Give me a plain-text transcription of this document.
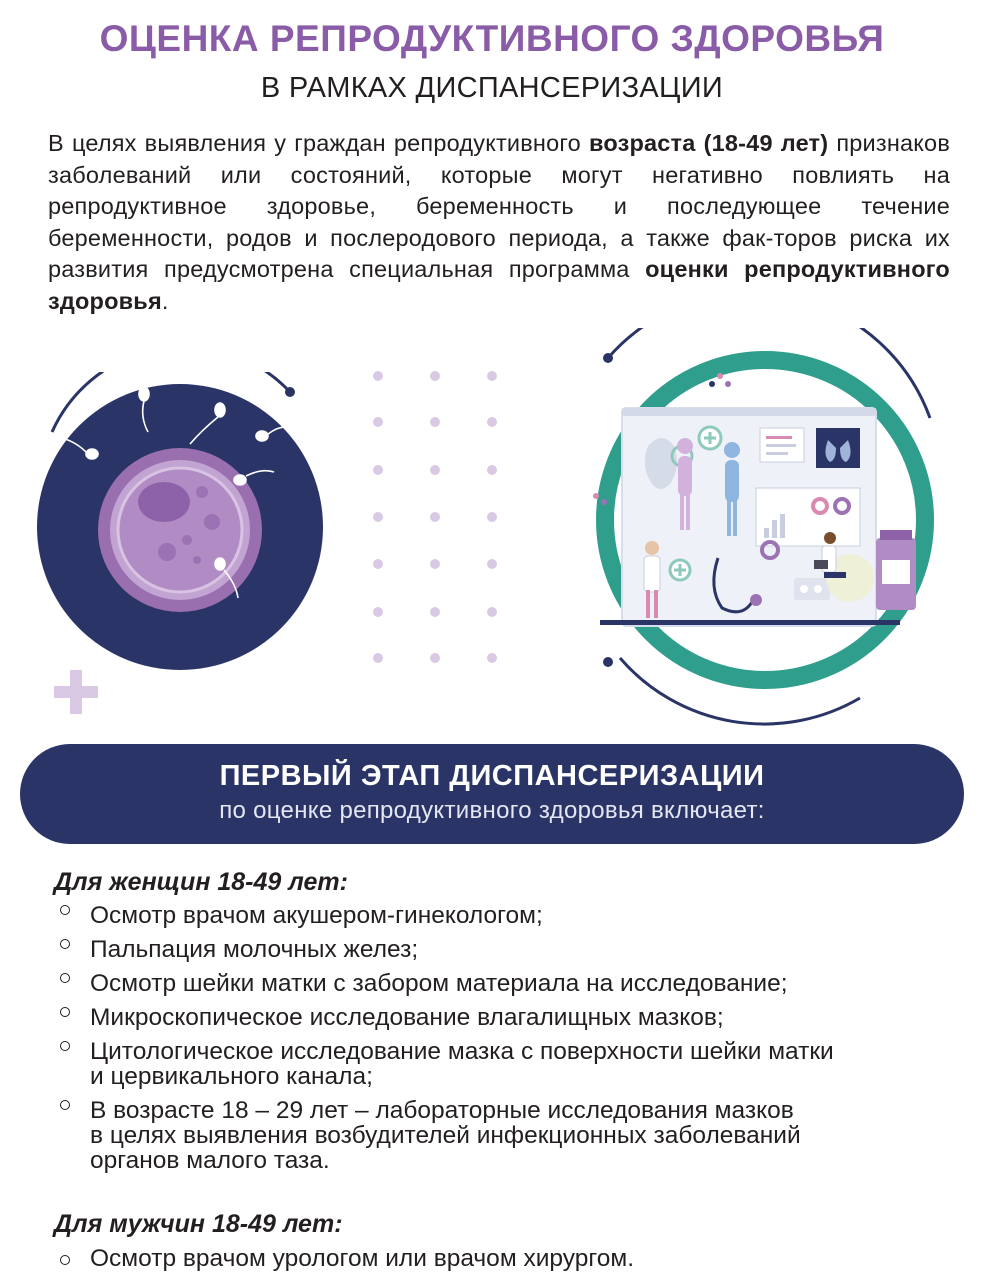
ОЦЕНКА РЕПРОДУКТИВНОГО ЗДОРОВЬЯ
В РАМКАХ ДИСПАНСЕРИЗАЦИИ
В целях выявления у граждан репродуктивного возраста (18-49 лет) признаков заболеваний или состояний, которые могут негативно повлиять на репродуктивное здоровье, беременность и последующее течение беременности, родов и послеродового периода, а также фак-торов риска их развития предусмотрена специальная программа оценки репродуктивного здоровья.
ПЕРВЫЙ ЭТАП ДИСПАНСЕРИЗАЦИИ
по оценке репродуктивного здоровья включает:
Для женщин 18-49 лет:
Осмотр врачом акушером-гинекологом;
Пальпация молочных желез;
Осмотр шейки матки с забором материала на исследование;
Микроскопическое исследование влагалищных мазков;
Цитологическое исследование мазка с поверхности шейки матки
и цервикального канала;
В возрасте 18 – 29 лет – лабораторные исследования мазков
в целях выявления возбудителей инфекционных заболеваний
органов малого таза.
Для мужчин 18-49 лет:
Осмотр врачом урологом или врачом хирургом.
